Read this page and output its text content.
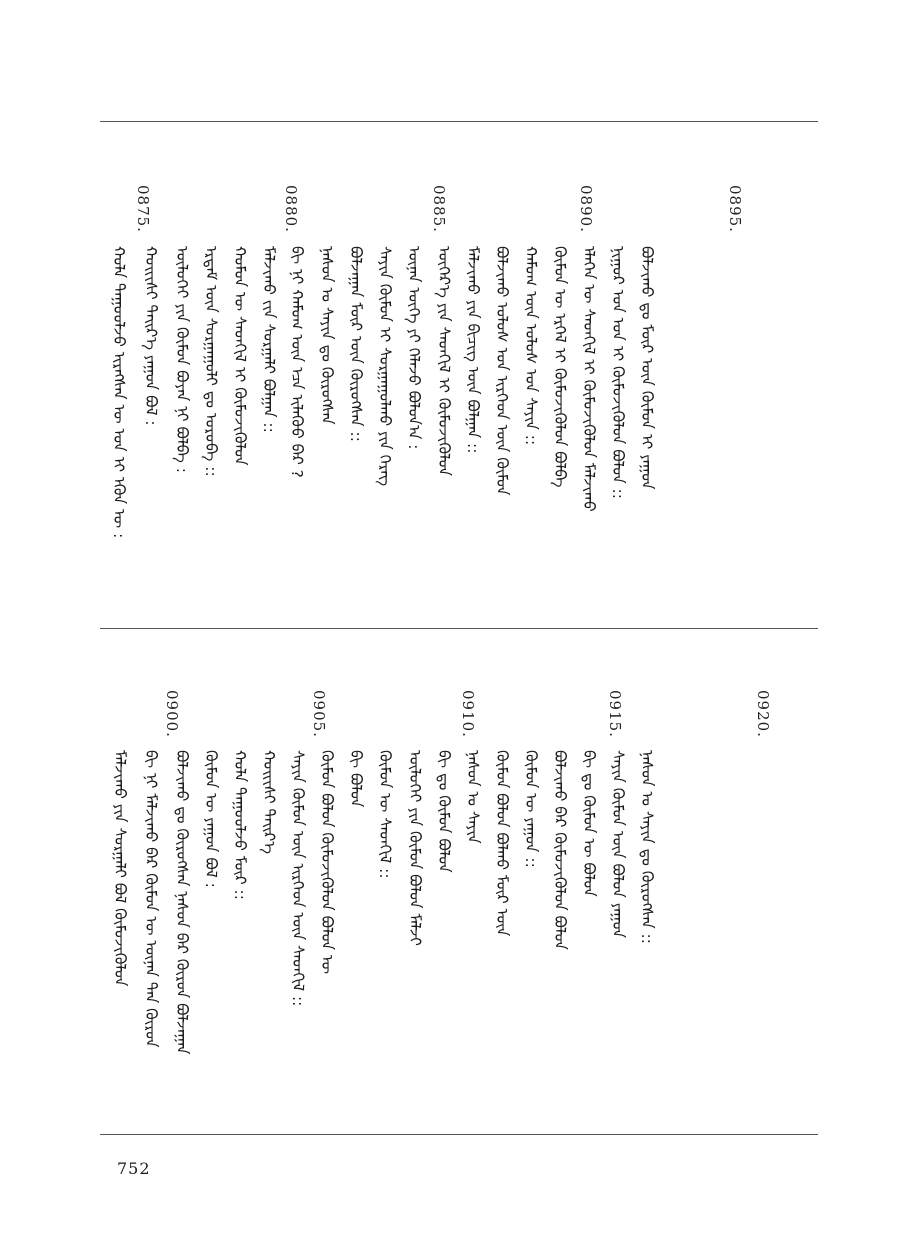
ᠬᠣᠯᠠ ᠳᠠᠭᠤᠤᠯᠵᠤ ᠢᠷᠡᠭᠰᠡᠨ ᠦ ᠣᠨ ᠢ ᠡᠭᠦᠨ ᠦ : ᠬᠣᠢᠢᠰᠢ ᠳᠡᠢᠷ᠎ᠡ ᠶᠠᠭᠤᠨ ᠪᠣᠯ : ᠥᠯᠦᠭᠡᠢ ᠶᠢᠨ ᠬᠦᠮᠦᠨ ᠪᠤᠶᠠᠨ ᠨᠢ ᠪᠣᠯᠪᠠ : ᠡᠷᠳᠡᠮ ᠦᠨ ᠰᠤᠷᠭᠠᠭᠤᠯᠢ ᠳᠤ ᠣᠷᠣᠪᠠ :: ᠬᠤᠮᠤᠨ ᠦ ᠰᠡᠳᠭᠢᠯ ᠢ ᠬᠦᠮᠦᠵᠢᠭᠦᠯᠦᠨ ᠮᠠᠯᠵᠢᠬᠤ ᠵᠢᠨ ᠰᠤᠷᠭᠠᠯᠢ ᠪᠣᠯᠭᠠᠨ :: ᠪᠢ ᠨᠢ ᠬᠠᠮᠤᠭ ᠦᠨ ᠡᠴᠡ ᠢᠯᠡᠭᠦᠦ ᠪᠡᠷ ? ᠨᠠᠰᠤᠨ ᠤ ᠰᠠᠶᠢᠨ ᠳᠤ ᠬᠦᠷᠦᠭᠰᠡᠨ ᠪᠣᠯᠵᠠᠭᠠᠨ ᠮᠥᠷ ᠦᠨ ᠬᠦᠷᠦᠭᠰᠡᠨ :: ᠰᠠᠶᠢᠨ ᠬᠦᠮᠦᠨ ᠢ ᠰᠤᠷᠭᠠᠭᠤᠯᠬᠤ ᠶᠢᠨ ᠬᠡᠷᠡᠭ ᠦᠨᠡᠨ ᠦᠭᠡ ᠶᠢ ᠬᠡᠯᠡᠵᠦ ᠪᠣᠯᠤᠨ᠎ᠠ : ᠥᠭᠡᠷ᠎ᠡ ᠶᠢᠨ ᠰᠡᠳᠭᠢᠯ ᠢ ᠬᠦᠮᠦᠵᠢᠭᠦᠯᠦᠨ ᠮᠠᠯᠵᠢᠬᠤ ᠶᠢᠨ ᠪᠢᠴᠢᠭ ᠦᠨ ᠪᠣᠯᠭᠠᠨ :: ᠪᠣᠯᠵᠢᠬᠤ ᠤᠯᠤᠰ ᠤᠨ ᠢᠷᠭᠡᠳ ᠦᠨ ᠬᠦᠮᠦᠨ ᠬᠠᠮᠤᠭ ᠦᠨ ᠤᠯᠤᠰ ᠤᠨ ᠰᠠᠶᠢᠨ :: ᠬᠦᠮᠦᠨ ᠦ ᠡᠷᠭᠡᠯ ᠢ ᠬᠦᠮᠦᠵᠢᠭᠦᠯᠦᠨ ᠪᠣᠯᠪᠠ ᠡᠯᠡᠭᠡᠨ ᠦ ᠰᠡᠳᠭᠢᠯ ᠢ ᠬᠦᠮᠦᠵᠢᠭᠦᠯᠦᠨ ᠮᠠᠯᠵᠢᠬᠤ ᠨᠢᠭᠤᠷ ᠤᠨ ᠤᠨ ᠢ ᠬᠦᠮᠦᠵᠢᠭᠦᠯᠦᠨ ᠪᠣᠯᠤᠨ :: ᠪᠣᠯᠵᠢᠬᠤ ᠳᠤ ᠮᠥᠷ ᠦᠨ ᠬᠦᠮᠦᠨ ᠢ ᠶᠠᠭᠤᠨ
0875.	0880.	0885.	0890.	0895.
ᠮᠠᠯᠵᠢᠬᠤ ᠶᠢᠨ ᠰᠤᠷᠭᠠᠯᠢ ᠪᠣᠯ ᠬᠦᠮᠦᠵᠢᠭᠦᠯᠦᠨ ᠪᠢ ᠨᠢ ᠮᠠᠯᠵᠢᠬᠤ ᠪᠠᠷ ᠬᠦᠮᠦᠨ ᠦ ᠦᠨᠡᠨ ᠲᠠᠨ ᠬᠦᠷᠦᠨ ᠪᠣᠯᠵᠢᠬᠤ ᠳᠤ ᠬᠦᠷᠦᠭᠰᠡᠨ ᠨᠠᠰᠤᠨ ᠪᠠᠷ ᠬᠦᠷᠦᠨ ᠪᠣᠯᠵᠠᠭᠠᠨ ᠬᠦᠮᠦᠨ ᠦ ᠶᠠᠭᠤᠨ ᠪᠣᠯ : ᠬᠣᠯᠠ ᠳᠠᠭᠤᠤᠯᠵᠤ ᠮᠥᠷ :: ᠬᠣᠢᠢᠰᠢ ᠳᠡᠢᠷ᠎ᠡ ᠰᠠᠶᠢᠨ ᠬᠦᠮᠦᠨ ᠦᠨ ᠢᠷᠭᠡᠳ ᠦᠨ ᠰᠡᠳᠭᠢᠯ :: ᠬᠦᠮᠦᠨ ᠪᠣᠯᠤᠨ ᠬᠦᠮᠦᠵᠢᠭᠦᠯᠦᠨ ᠪᠣᠯᠤᠨ ᠦ ᠪᠢ ᠪᠣᠯᠤᠨ ᠬᠦᠮᠦᠨ ᠦ ᠰᠡᠳᠭᠢᠯ :: ᠥᠯᠦᠭᠡᠢ ᠶᠢᠨ ᠬᠦᠮᠦᠨ ᠪᠣᠯᠤᠨ ᠮᠠᠯᠵᠢ ᠪᠢ ᠳᠤ ᠬᠦᠮᠦᠨ ᠪᠣᠯᠤᠨ ᠨᠠᠰᠤᠨ ᠤ ᠰᠠᠶᠢᠨ ᠬᠦᠮᠦᠨ ᠪᠣᠯᠤᠨ ᠪᠣᠯᠬᠤ ᠮᠥᠷ ᠦᠨ ᠬᠦᠮᠦᠨ ᠦ ᠶᠠᠭᠤᠨ :: ᠪᠣᠯᠵᠢᠬᠤ ᠪᠠᠷ ᠬᠦᠮᠦᠵᠢᠭᠦᠯᠦᠨ ᠪᠣᠯᠤᠨ ᠪᠢ ᠳᠤ ᠬᠦᠮᠦᠨ ᠦ ᠪᠣᠯᠤᠨ ᠰᠠᠶᠢᠨ ᠬᠦᠮᠦᠨ ᠦᠨ ᠪᠣᠯᠤᠨ ᠶᠠᠭᠤᠨ ᠨᠠᠰᠤᠨ ᠤ ᠰᠠᠶᠢᠨ ᠳᠤ ᠬᠦᠷᠦᠭᠰᠡᠨ ::
0900.	0905.	0910.	0915.	0920.
752
